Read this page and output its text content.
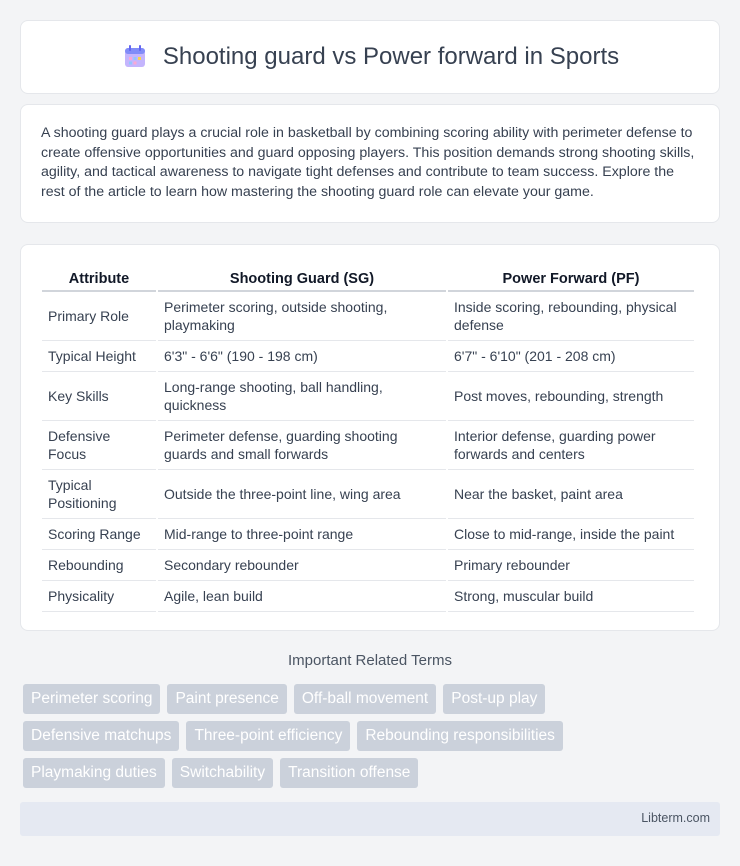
Shooting guard vs Power forward in Sports

A shooting guard plays a crucial role in basketball by combining scoring ability with perimeter defense to create offensive opportunities and guard opposing players. This position demands strong shooting skills, agility, and tactical awareness to navigate tight defenses and contribute to team success. Explore the rest of the article to learn how mastering the shooting guard role can elevate your game.

Attribute	Shooting Guard (SG)	Power Forward (PF)
Primary Role	Perimeter scoring, outside shooting, playmaking	Inside scoring, rebounding, physical defense
Typical Height	6'3" - 6'6" (190 - 198 cm)	6'7" - 6'10" (201 - 208 cm)
Key Skills	Long-range shooting, ball handling, quickness	Post moves, rebounding, strength
Defensive Focus	Perimeter defense, guarding shooting guards and small forwards	Interior defense, guarding power forwards and centers
Typical Positioning	Outside the three-point line, wing area	Near the basket, paint area
Scoring Range	Mid-range to three-point range	Close to mid-range, inside the paint
Rebounding	Secondary rebounder	Primary rebounder
Physicality	Agile, lean build	Strong, muscular build
Important Related Terms
Perimeter scoring	Paint presence	Off-ball movement	Post-up play
Defensive matchups	Three-point efficiency	Rebounding responsibilities
Playmaking duties	Switchability	Transition offense
Libterm.com
